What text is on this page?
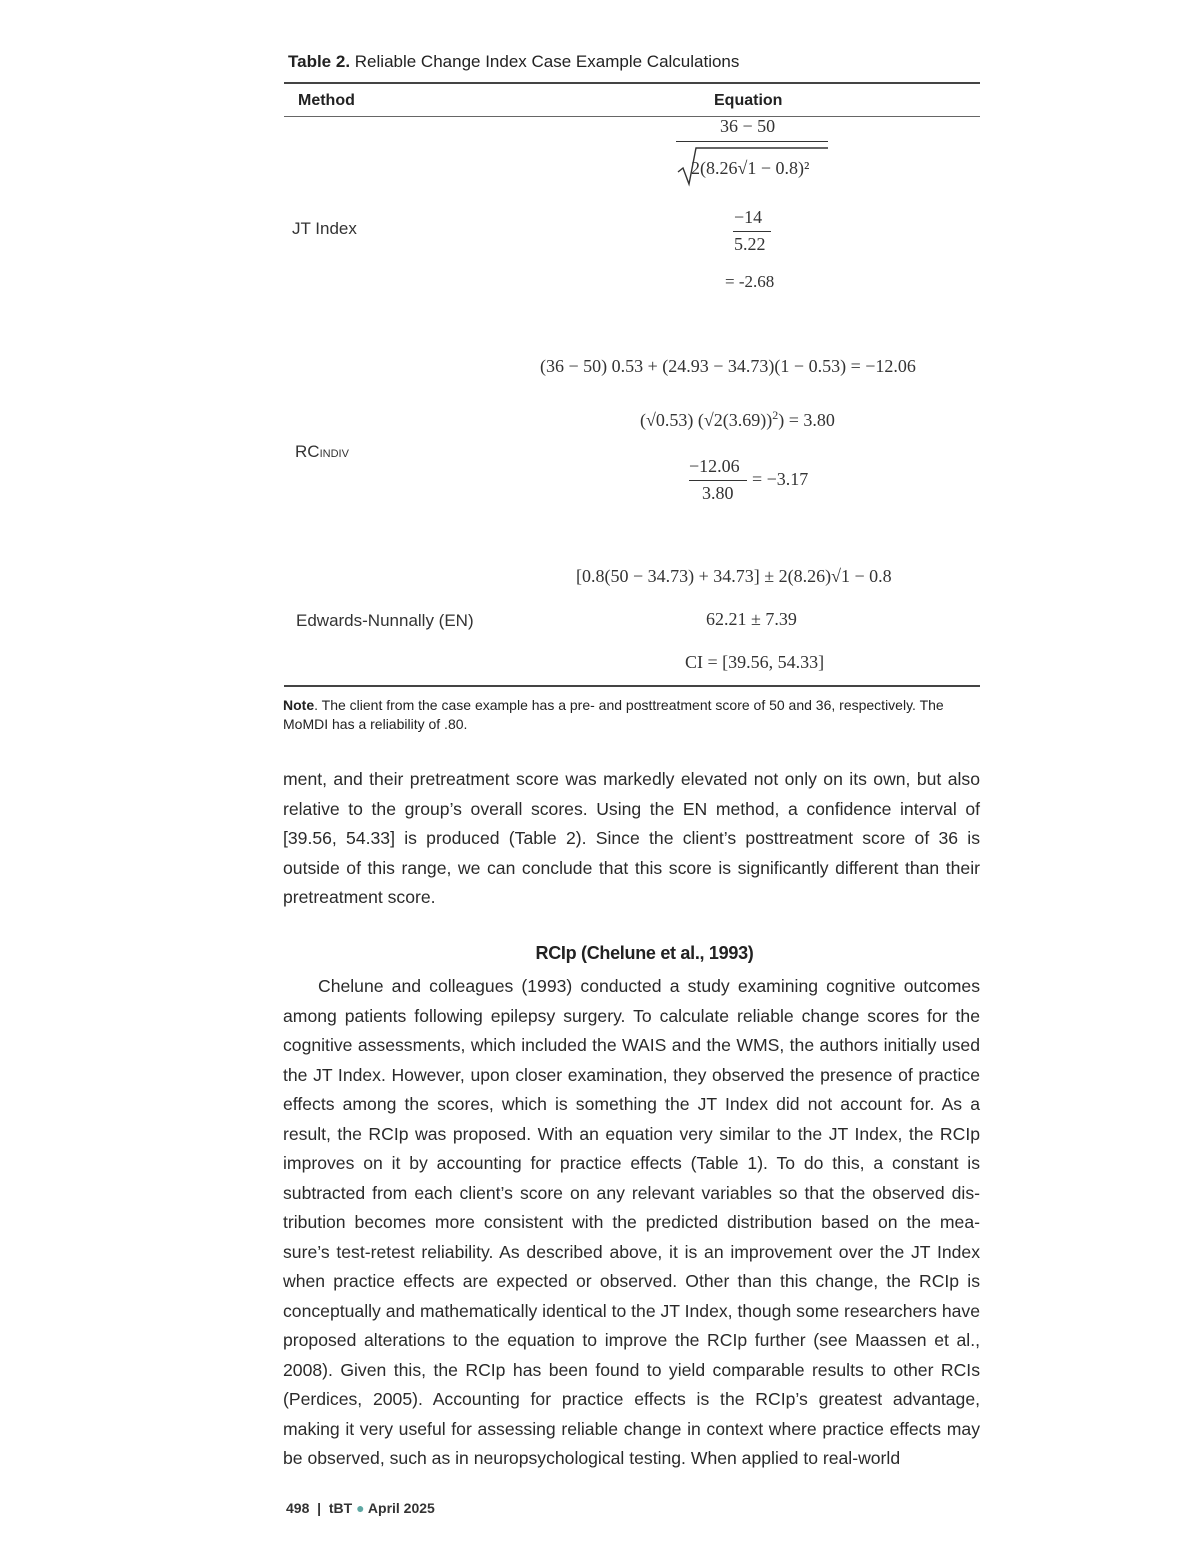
Table 2. Reliable Change Index Case Example Calculations
Method	Equation
JT Index
36 − 50
2(8.26√1 − 0.8)²
−14
5.22
= -2.68
RCINDIV
(36 − 50) 0.53 + (24.93 − 34.73)(1 − 0.53) = −12.06
(√0.53) $(√2(3.69))^2) = 3.80$
−12.06
3.80
= −3.17
Edwards-Nunnally (EN)
[0.8(50 − 34.73) + 34.73] ± 2(8.26)√1 − 0.8
62.21 ± 7.39
CI = [39.56, 54.33]
Note. The client from the case example has a pre- and posttreatment score of 50 and 36, respectively. The MoMDI has a reliability of .80.
ment, and their pretreatment score was markedly elevated not only on its own, but also relative to the group’s overall scores. Using the EN method, a confidence interval of [39.56, 54.33] is produced (Table 2). Since the client’s posttreatment score of 36 is outside of this range, we can conclude that this score is significantly different than their pretreatment score.
RCIp (Chelune et al., 1993)
Chelune and colleagues (1993) conducted a study examining cognitive outcomes among patients following epilepsy surgery. To calculate reliable change scores for the cognitive assessments, which included the WAIS and the WMS, the authors initially used the JT Index. However, upon closer examination, they observed the presence of practice effects among the scores, which is something the JT Index did not account for. As a result, the RCIp was proposed. With an equation very similar to the JT Index, the RCIp improves on it by accounting for practice effects (Table 1). To do this, a constant is subtracted from each client’s score on any relevant variables so that the observed dis-tribution becomes more consistent with the predicted distribution based on the mea-sure’s test-retest reliability. As described above, it is an improvement over the JT Index when practice effects are expected or observed. Other than this change, the RCIp is conceptually and mathematically identical to the JT Index, though some researchers have proposed alterations to the equation to improve the RCIp further (see Maassen et al., 2008). Given this, the RCIp has been found to yield comparable results to other RCIs (Perdices, 2005). Accounting for practice effects is the RCIp’s greatest advantage, making it very useful for assessing reliable change in context where practice effects may be observed, such as in neuropsychological testing. When applied to real-world
498 | tBT ● April 2025
